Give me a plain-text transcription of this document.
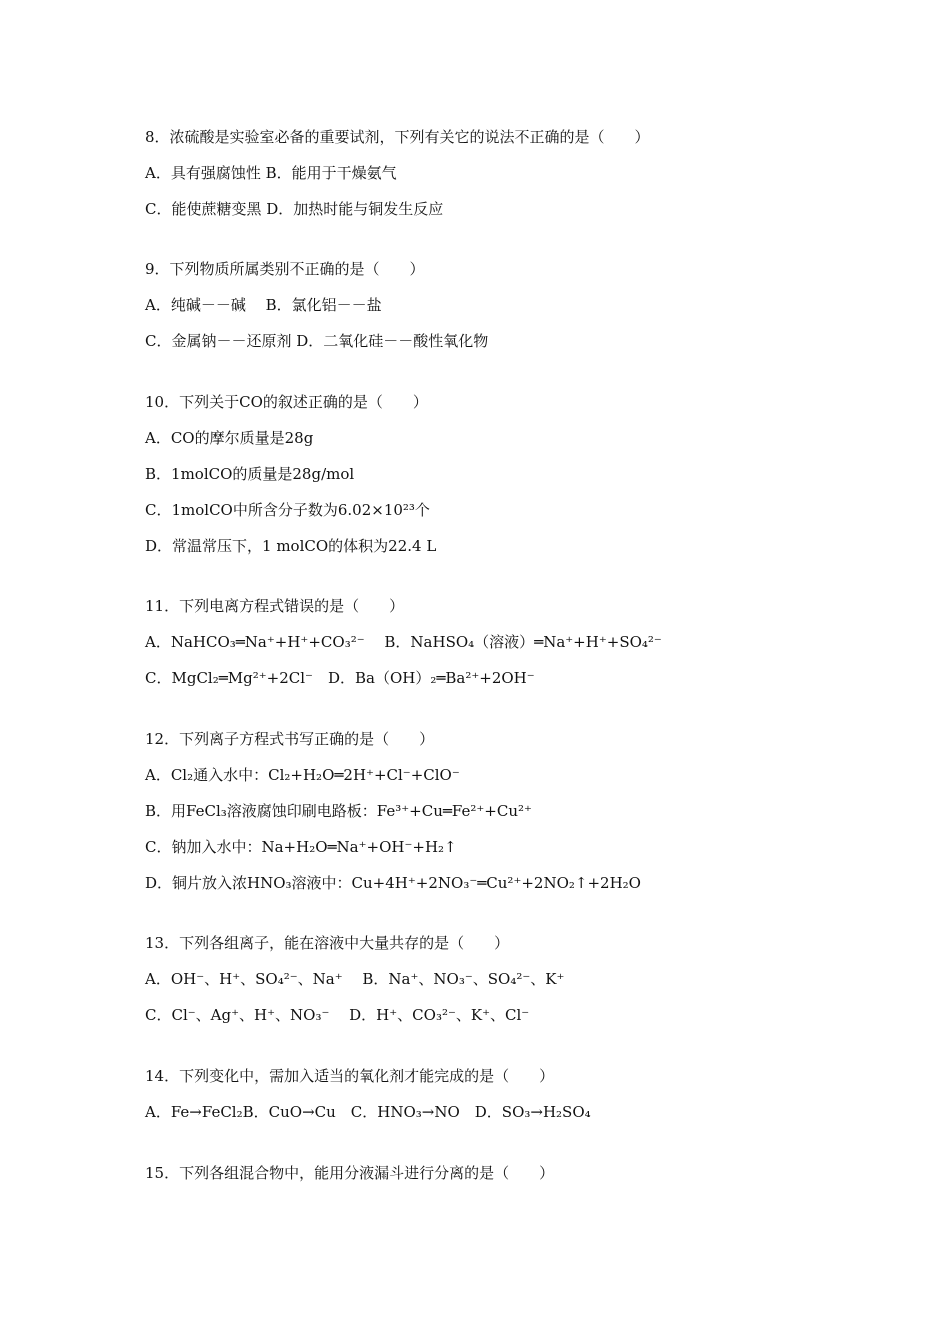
8．浓硫酸是实验室必备的重要试剂，下列有关它的说法不正确的是（　　）
A．具有强腐蚀性 B．能用于干燥氨气
C．能使蔗糖变黑 D．加热时能与铜发生反应
9．下列物质所属类别不正确的是（　　）
A．纯碱－－碱　 B．氯化铝－－盐
C．金属钠－－还原剂 D．二氧化硅－－酸性氧化物
10．下列关于CO的叙述正确的是（　　）
A．CO的摩尔质量是28g
B．1molCO的质量是28g/mol
C．1molCO中所含分子数为6.02×10²³个
D．常温常压下，1 molCO的体积为22.4 L
11．下列电离方程式错误的是（　　）
A．NaHCO₃═Na⁺+H⁺+CO₃²⁻　 B．NaHSO₄（溶液）═Na⁺+H⁺+SO₄²⁻
C．MgCl₂═Mg²⁺+2Cl⁻　D．Ba（OH）₂═Ba²⁺+2OH⁻
12．下列离子方程式书写正确的是（　　）
A．Cl₂通入水中：Cl₂+H₂O═2H⁺+Cl⁻+ClO⁻
B．用FeCl₃溶液腐蚀印刷电路板：Fe³⁺+Cu═Fe²⁺+Cu²⁺
C．钠加入水中：Na+H₂O═Na⁺+OH⁻+H₂↑
D．铜片放入浓HNO₃溶液中：Cu+4H⁺+2NO₃⁻═Cu²⁺+2NO₂↑+2H₂O
13．下列各组离子，能在溶液中大量共存的是（　　）
A．OH⁻、H⁺、SO₄²⁻、Na⁺　 B．Na⁺、NO₃⁻、SO₄²⁻、K⁺
C．Cl⁻、Ag⁺、H⁺、NO₃⁻　 D．H⁺、CO₃²⁻、K⁺、Cl⁻
14．下列变化中，需加入适当的氧化剂才能完成的是（　　）
A．Fe→FeCl₂B．CuO→Cu　C．HNO₃→NO　D．SO₃→H₂SO₄
15．下列各组混合物中，能用分液漏斗进行分离的是（　　）
